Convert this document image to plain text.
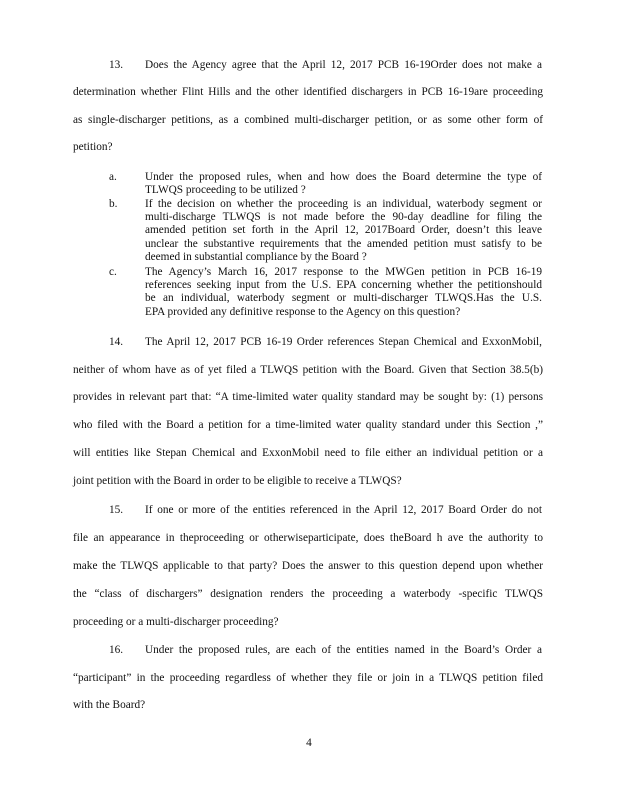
13. Does the Agency agree that the April 12, 2017 PCB 16-19Order does not make a
determination whether Flint Hills and the other identified dischargers in PCB 16-19are proceeding
as single-discharger petitions, as a combined multi-discharger petition, or as some other form of
petition?
a. Under the proposed rules, when and how does the Board determine the type of
TLWQS proceeding to be utilized ?
b. If the decision on whether the proceeding is an individual, waterbody segment or
multi-discharge TLWQS is not made before the 90-day deadline for filing the
amended petition set forth in the April 12, 2017Board Order, doesn’t this leave
unclear the substantive requirements that the amended petition must satisfy to be
deemed in substantial compliance by the Board ?
c. The Agency’s March 16, 2017 response to the MWGen petition in PCB 16-19
references seeking input from the U.S. EPA concerning whether the petitionshould
be an individual, waterbody segment or multi-discharger TLWQS.Has the U.S.
EPA provided any definitive response to the Agency on this question?
14. The April 12, 2017 PCB 16-19 Order references Stepan Chemical and ExxonMobil,
neither of whom have as of yet filed a TLWQS petition with the Board. Given that Section 38.5(b)
provides in relevant part that: “A time-limited water quality standard may be sought by: (1) persons
who filed with the Board a petition for a time-limited water quality standard under this Section ,”
will entities like Stepan Chemical and ExxonMobil need to file either an individual petition or a
joint petition with the Board in order to be eligible to receive a TLWQS?
15. If one or more of the entities referenced in the April 12, 2017 Board Order do not
file an appearance in theproceeding or otherwiseparticipate, does theBoard h ave the authority to
make the TLWQS applicable to that party? Does the answer to this question depend upon whether
the “class of dischargers” designation renders the proceeding a waterbody -specific TLWQS
proceeding or a multi-discharger proceeding?
16. Under the proposed rules, are each of the entities named in the Board’s Order a
“participant” in the proceeding regardless of whether they file or join in a TLWQS petition filed
with the Board?
4
